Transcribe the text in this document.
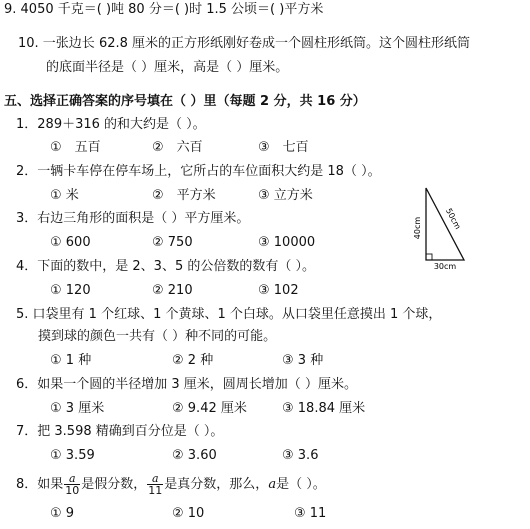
9. 4050 千克＝( )吨 80 分＝( )时 1.5 公顷＝( )平方米
10. 一张边长 62.8 厘米的正方形纸刚好卷成一个圆柱形纸筒。这个圆柱形纸筒
的底面半径是（ ）厘米，高是（ ）厘米。
五、选择正确答案的序号填在（ ）里（每题 2 分，共 16 分）
1．289＋316 的和大约是（ ）。
①　五百	②　六百	③　七百
2．一辆卡车停在停车场上，它所占的车位面积大约是 18（ ）。
① 米	②　平方米	③ 立方米
3．右边三角形的面积是（ ）平方厘米。
① 600	② 750	③ 10000
40cm	50cm
30cm
4．下面的数中，是 2、3、5 的公倍数的数有（ ）。
① 120	② 210	③ 102
5. 口袋里有 1 个红球、1 个黄球、1 个白球。从口袋里任意摸出 1 个球，
摸到球的颜色一共有（ ）种不同的可能。
① 1 种	② 2 种	③ 3 种
6．如果一个圆的半径增加 3 厘米，圆周长增加（ ）厘米。
① 3 厘米	② 9.42 厘米	③ 18.84 厘米
7．把 3.598 精确到百分位是（ ）。
① 3.59	② 3.60	③ 3.6
8．如果 $\frac{a}{10}$ 是假分数， $\frac{a}{11}$ 是真分数，那么，a是（ ）。
① 9	② 10	③ 11
